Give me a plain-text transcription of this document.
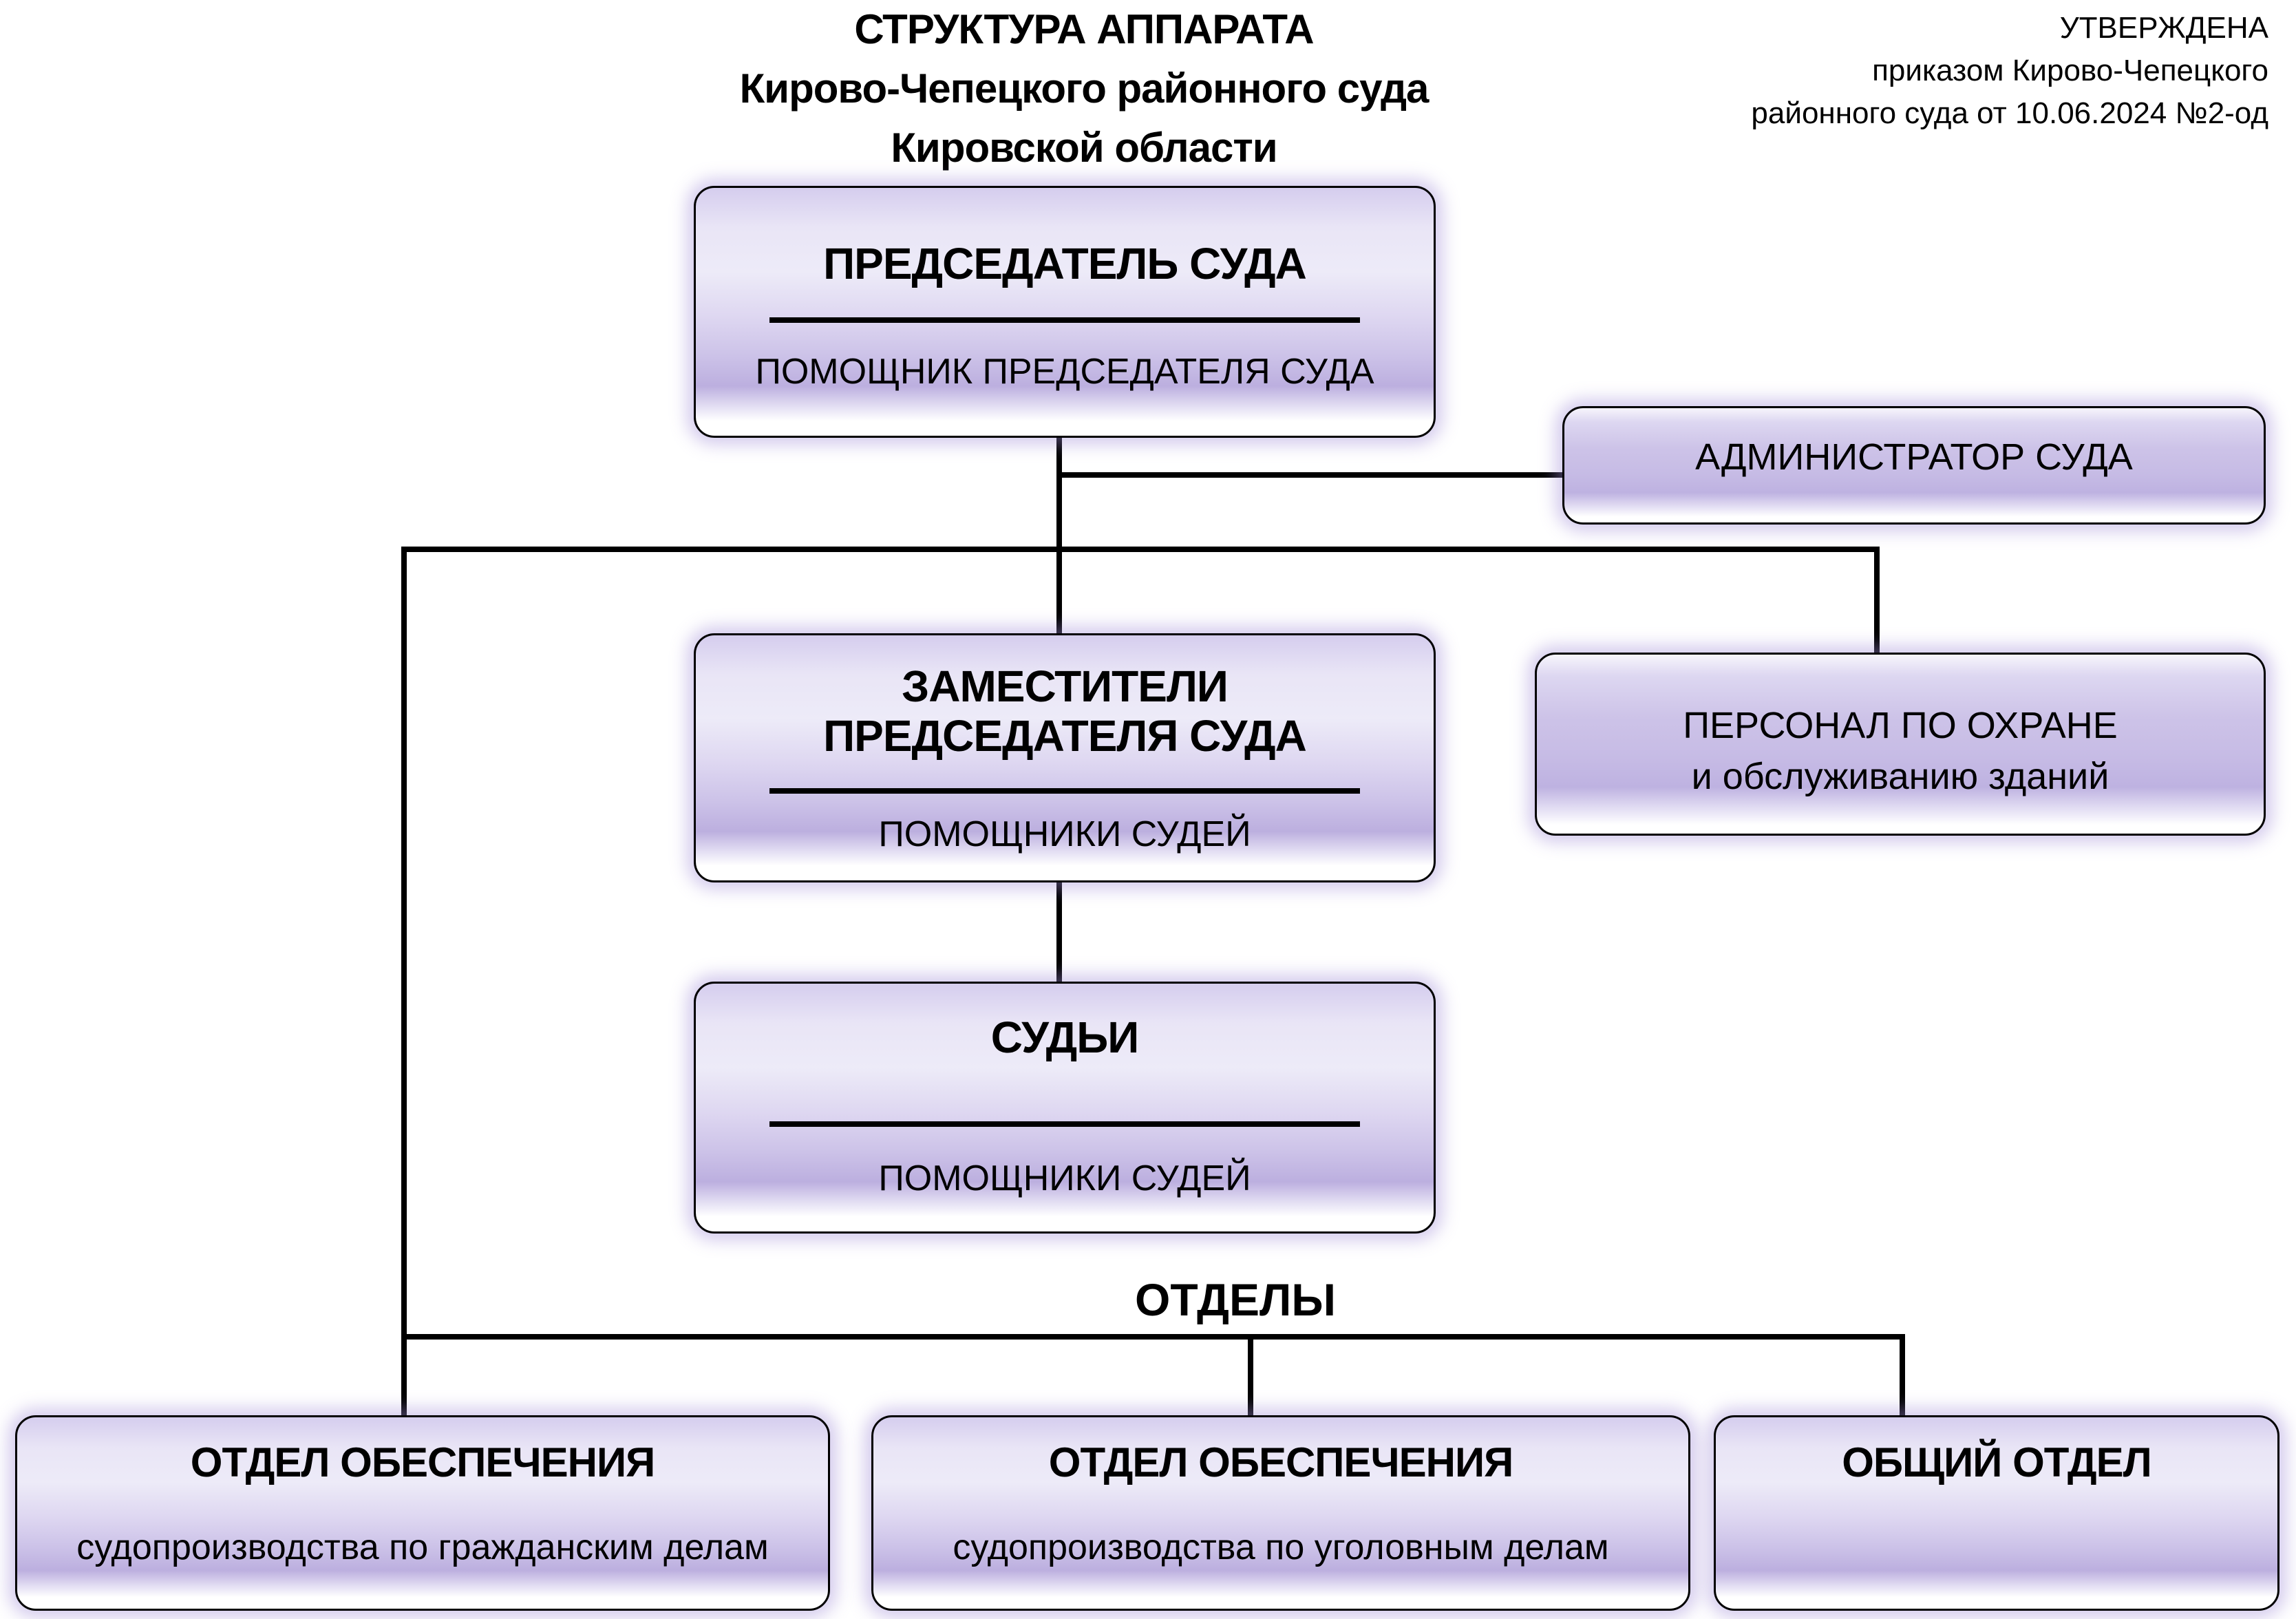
СТРУКТУРА АППАРАТА
Кирово-Чепецкого районного суда
Кировской области
УТВЕРЖДЕНА
приказом Кирово-Чепецкого
районного суда от 10.06.2024 №2-од
ПРЕДСЕДАТЕЛЬ СУДА
ПОМОЩНИК ПРЕДСЕДАТЕЛЯ СУДА
АДМИНИСТРАТОР СУДА
ЗАМЕСТИТЕЛИ
ПРЕДСЕДАТЕЛЯ СУДА
ПОМОЩНИКИ СУДЕЙ
ПЕРСОНАЛ ПО ОХРАНЕ
и обслуживанию зданий
СУДЬИ
ПОМОЩНИКИ СУДЕЙ
ОТДЕЛЫ
ОТДЕЛ ОБЕСПЕЧЕНИЯ
судопроизводства по гражданским делам
ОТДЕЛ ОБЕСПЕЧЕНИЯ
судопроизводства по уголовным делам
ОБЩИЙ ОТДЕЛ
